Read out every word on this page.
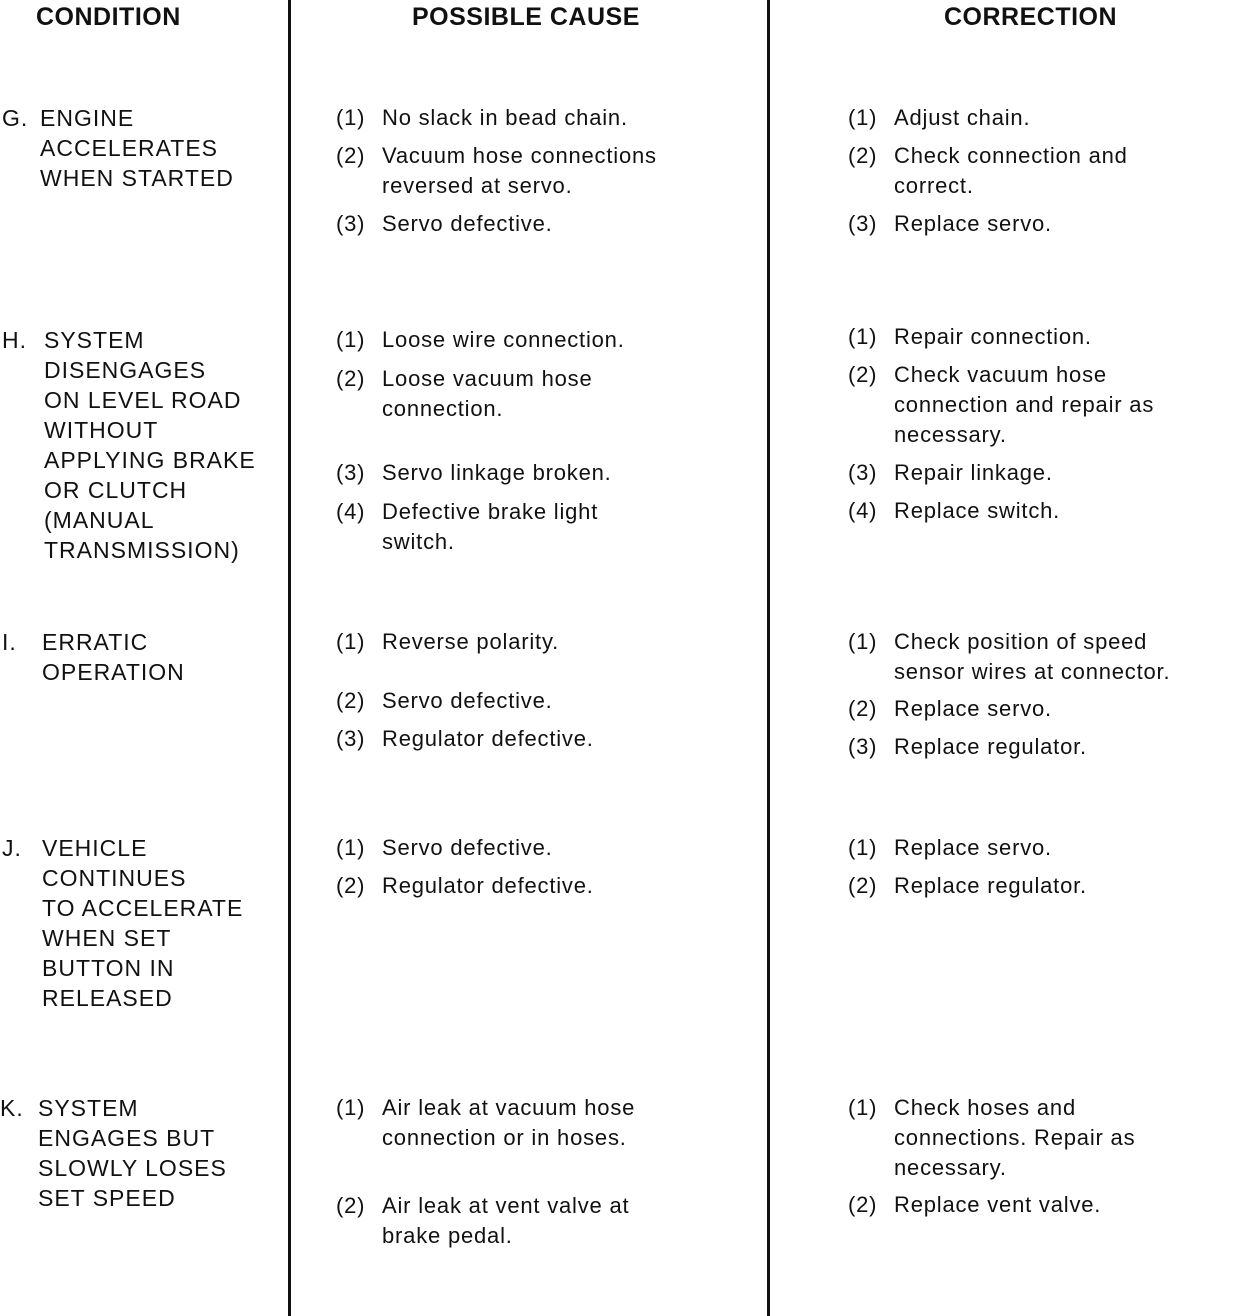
CONDITION	POSSIBLE CAUSE	CORRECTION
G. ENGINE
ACCELERATES
WHEN STARTED
(1) No slack in bead chain.
(2) Vacuum hose connections
reversed at servo.
(3) Servo defective.
(1) Adjust chain.
(2) Check connection and
correct.
(3) Replace servo.
H. SYSTEM
DISENGAGES
ON LEVEL ROAD
WITHOUT
APPLYING BRAKE
OR CLUTCH
(MANUAL
TRANSMISSION)
(1) Loose wire connection.
(2) Loose vacuum hose
connection.
(3) Servo linkage broken.
(4) Defective brake light
switch.
(1) Repair connection.
(2) Check vacuum hose
connection and repair as
necessary.
(3) Repair linkage.
(4) Replace switch.
I. ERRATIC
OPERATION
(1) Reverse polarity.
(2) Servo defective.
(3) Regulator defective.
(1) Check position of speed
sensor wires at connector.
(2) Replace servo.
(3) Replace regulator.
J. VEHICLE
CONTINUES
TO ACCELERATE
WHEN SET
BUTTON IN
RELEASED
(1) Servo defective.
(2) Regulator defective.
(1) Replace servo.
(2) Replace regulator.
K. SYSTEM
ENGAGES BUT
SLOWLY LOSES
SET SPEED
(1) Air leak at vacuum hose
connection or in hoses.
(2) Air leak at vent valve at
brake pedal.
(1) Check hoses and
connections. Repair as
necessary.
(2) Replace vent valve.
